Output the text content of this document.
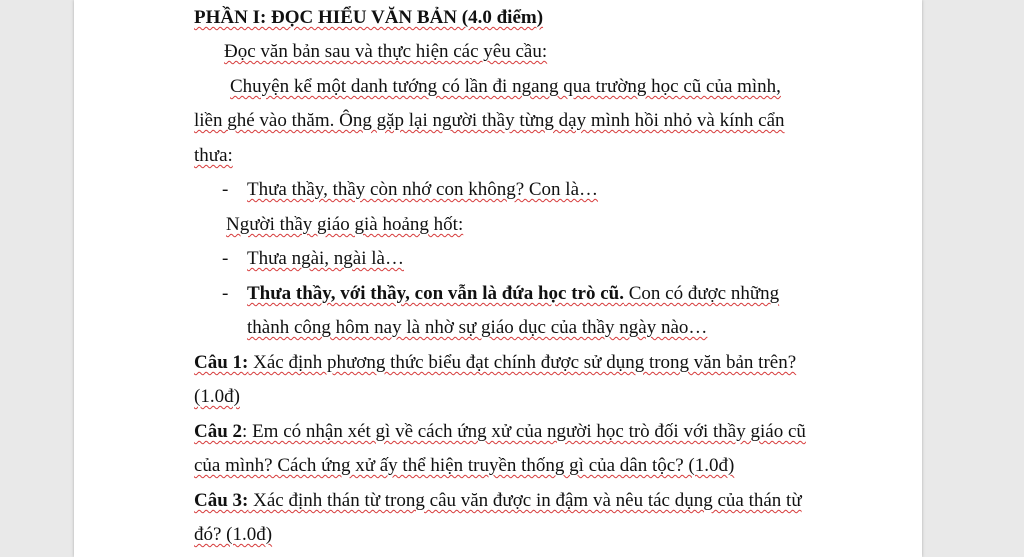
PHẦN I: ĐỌC HIỂU VĂN BẢN (4.0 điểm)
Đọc văn bản sau và thực hiện các yêu cầu:
Chuyện kể một danh tướng có lần đi ngang qua trường học cũ của mình,
liền ghé vào thăm. Ông gặp lại người thầy từng dạy mình hồi nhỏ và kính cẩn
thưa:
- Thưa thầy, thầy còn nhớ con không? Con là…
Người thầy giáo già hoảng hốt:
- Thưa ngài, ngài là…
- Thưa thầy, với thầy, con vẫn là đứa học trò cũ. Con có được những
thành công hôm nay là nhờ sự giáo dục của thầy ngày nào…
Câu 1: Xác định phương thức biểu đạt chính được sử dụng trong văn bản trên?
(1.0đ)
Câu 2: Em có nhận xét gì về cách ứng xử của người học trò đối với thầy giáo cũ
của mình? Cách ứng xử ấy thể hiện truyền thống gì của dân tộc? (1.0đ)
Câu 3: Xác định thán từ trong câu văn được in đậm và nêu tác dụng của thán từ
đó? (1.0đ)
